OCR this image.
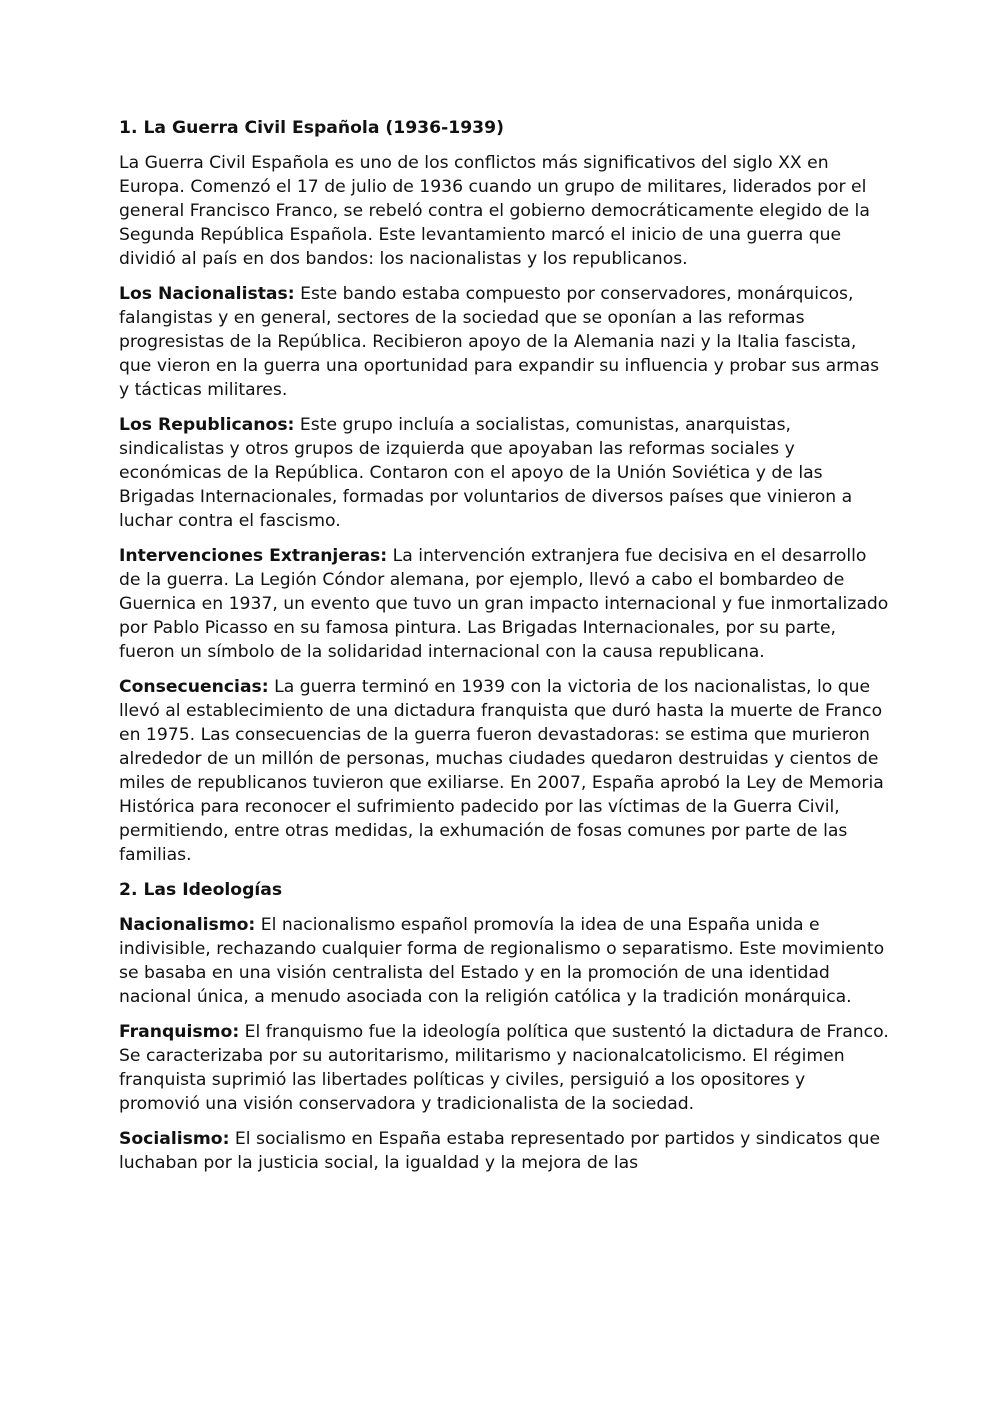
1. La Guerra Civil Española (1936-1939)
La Guerra Civil Española es uno de los conflictos más significativos del siglo XX en Europa. Comenzó el 17 de julio de 1936 cuando un grupo de militares, liderados por el general Francisco Franco, se rebeló contra el gobierno democráticamente elegido de la Segunda República Española. Este levantamiento marcó el inicio de una guerra que dividió al país en dos bandos: los nacionalistas y los republicanos.
Los Nacionalistas: Este bando estaba compuesto por conservadores, monárquicos, falangistas y en general, sectores de la sociedad que se oponían a las reformas progresistas de la República. Recibieron apoyo de la Alemania nazi y la Italia fascista, que vieron en la guerra una oportunidad para expandir su influencia y probar sus armas y tácticas militares.
Los Republicanos: Este grupo incluía a socialistas, comunistas, anarquistas, sindicalistas y otros grupos de izquierda que apoyaban las reformas sociales y económicas de la República. Contaron con el apoyo de la Unión Soviética y de las Brigadas Internacionales, formadas por voluntarios de diversos países que vinieron a luchar contra el fascismo.
Intervenciones Extranjeras: La intervención extranjera fue decisiva en el desarrollo de la guerra. La Legión Cóndor alemana, por ejemplo, llevó a cabo el bombardeo de Guernica en 1937, un evento que tuvo un gran impacto internacional y fue inmortalizado por Pablo Picasso en su famosa pintura. Las Brigadas Internacionales, por su parte, fueron un símbolo de la solidaridad internacional con la causa republicana.
Consecuencias: La guerra terminó en 1939 con la victoria de los nacionalistas, lo que llevó al establecimiento de una dictadura franquista que duró hasta la muerte de Franco en 1975. Las consecuencias de la guerra fueron devastadoras: se estima que murieron alrededor de un millón de personas, muchas ciudades quedaron destruidas y cientos de miles de republicanos tuvieron que exiliarse. En 2007, España aprobó la Ley de Memoria Histórica para reconocer el sufrimiento padecido por las víctimas de la Guerra Civil, permitiendo, entre otras medidas, la exhumación de fosas comunes por parte de las familias.
2. Las Ideologías
Nacionalismo: El nacionalismo español promovía la idea de una España unida e indivisible, rechazando cualquier forma de regionalismo o separatismo. Este movimiento se basaba en una visión centralista del Estado y en la promoción de una identidad nacional única, a menudo asociada con la religión católica y la tradición monárquica.
Franquismo: El franquismo fue la ideología política que sustentó la dictadura de Franco. Se caracterizaba por su autoritarismo, militarismo y nacionalcatolicismo. El régimen franquista suprimió las libertades políticas y civiles, persiguió a los opositores y promovió una visión conservadora y tradicionalista de la sociedad.
Socialismo: El socialismo en España estaba representado por partidos y sindicatos que luchaban por la justicia social, la igualdad y la mejora de las
